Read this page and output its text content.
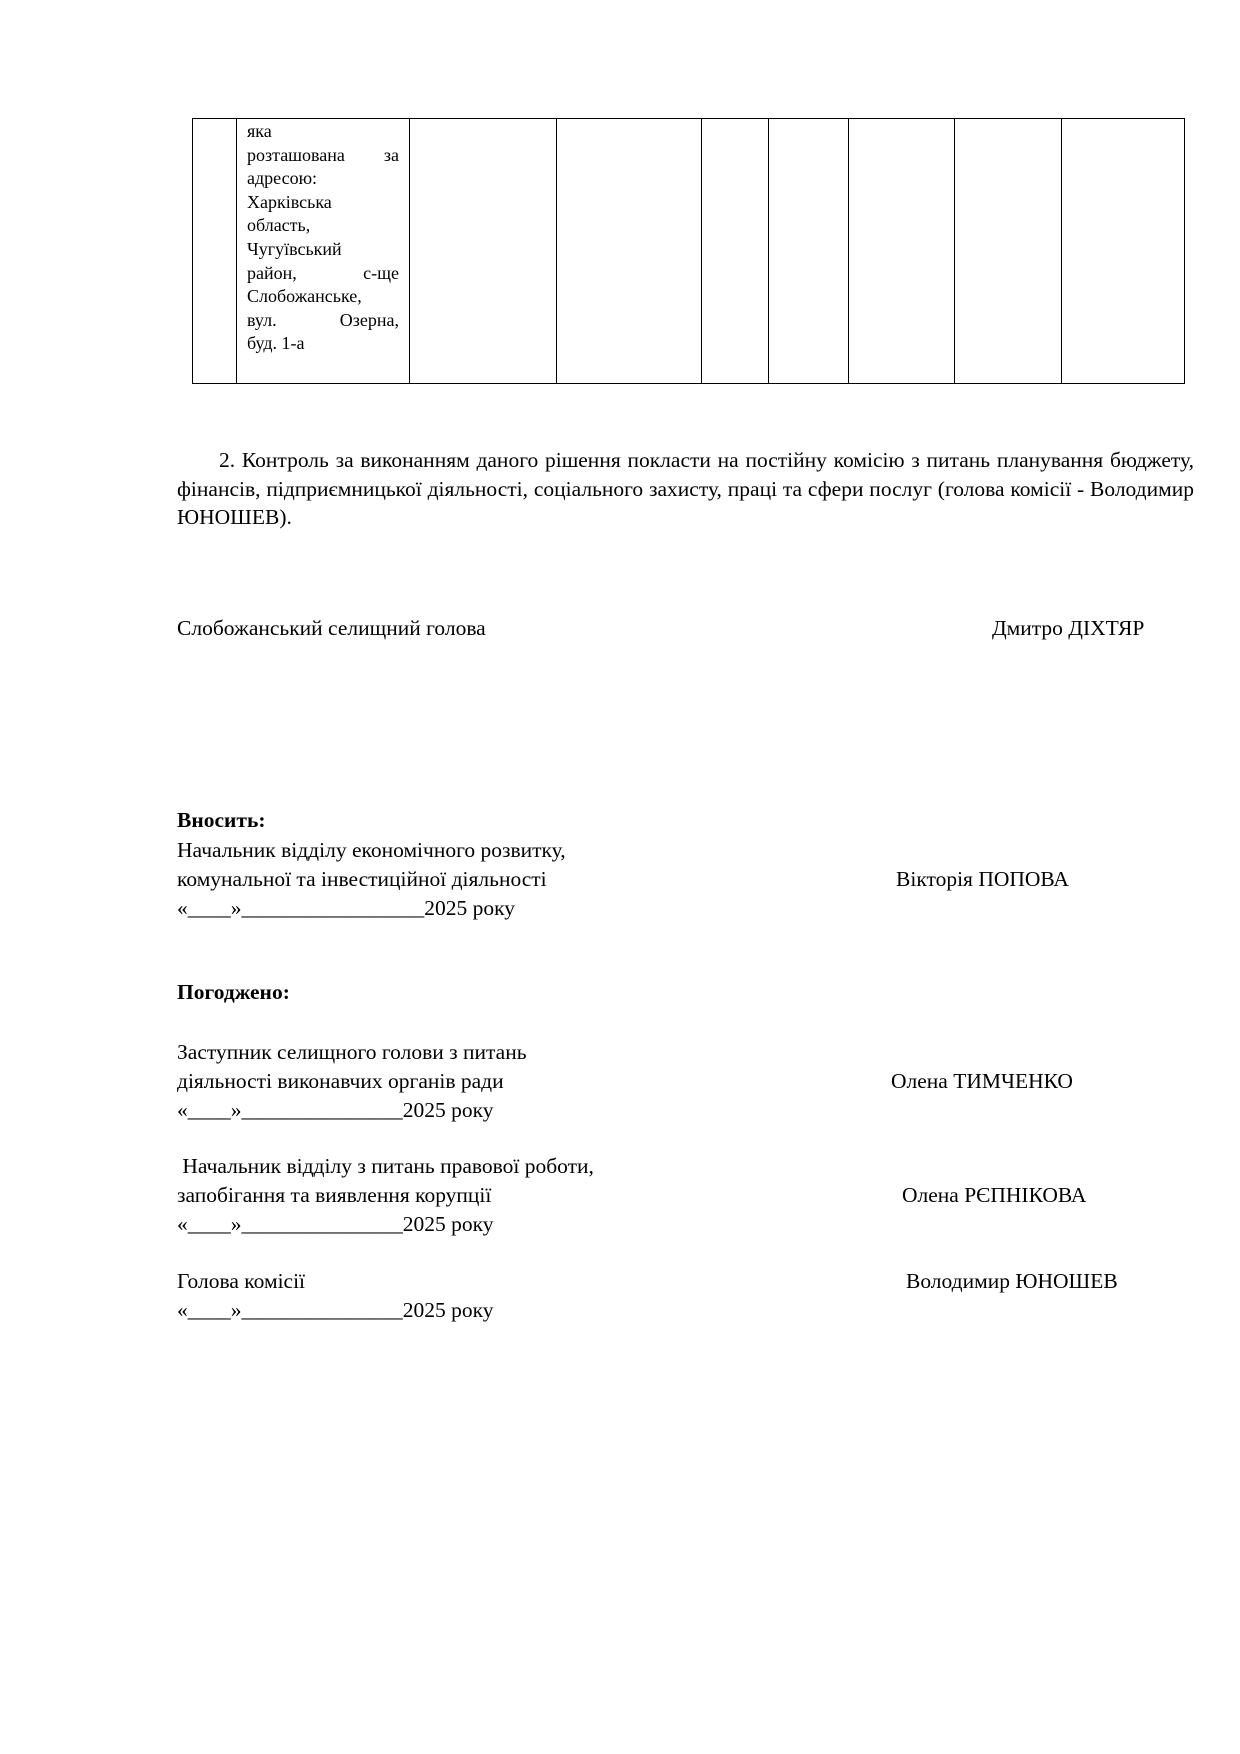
яка
розташована за
адресою:
Харківська
область,
Чугуївський
район, с-ще
Слобожанське,
вул. Озерна,
буд. 1-а

2. Контроль за виконанням даного рішення покласти на постійну комісію з питань планування бюджету, фінансів, підприємницької діяльності, соціального захисту, праці та сфери послуг (голова комісії - Володимир ЮНОШЕВ).
Слобожанський селищний голова	Дмитро ДІХТЯР
Вносить:
Начальник відділу економічного розвитку,
комунальної та інвестиційної діяльності	Вікторія ПОПОВА
«____»_________________2025 року
Погоджено:
Заступник селищного голови з питань
діяльності виконавчих органів ради	Олена ТИМЧЕНКО
«____»_______________2025 року
Начальник відділу з питань правової роботи,
запобігання та виявлення корупції	Олена РЄПНІКОВА
«____»_______________2025 року
Голова комісії	Володимир ЮНОШЕВ
«____»_______________2025 року
